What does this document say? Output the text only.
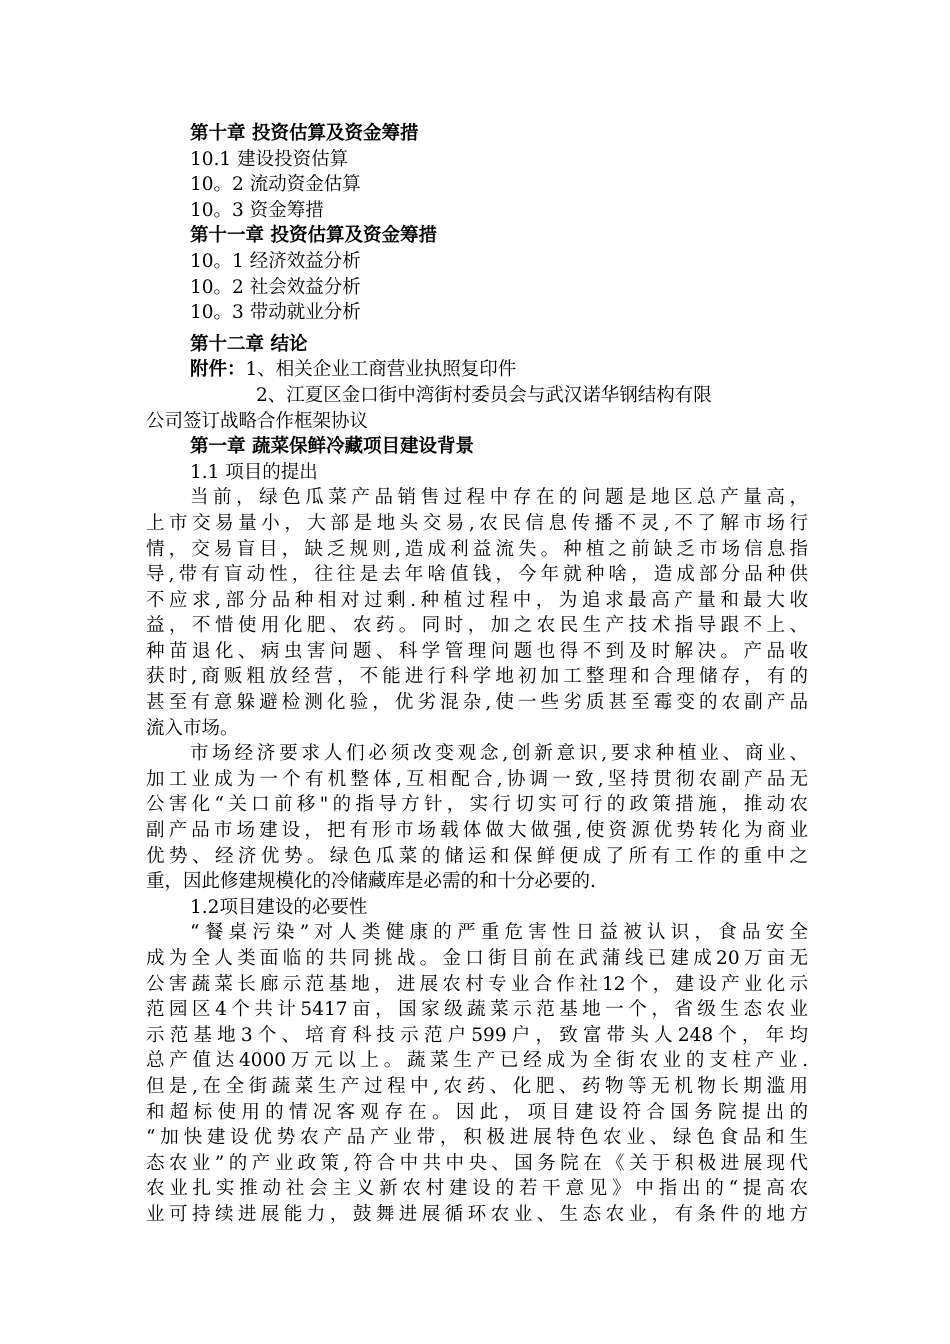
第十章 投资估算及资金筹措
10.1 建设投资估算
10。2 流动资金估算
10。3 资金筹措
第十一章 投资估算及资金筹措
10。1 经济效益分析
10。2 社会效益分析
10。3 带动就业分析
第十二章 结论
附件：1、相关企业工商营业执照复印件
2、江夏区金口街中湾街村委员会与武汉诺华钢结构有限
公司签订战略合作框架协议
第一章 蔬菜保鲜冷藏项目建设背景
1.1 项目的提出
当前，绿色瓜菜产品销售过程中存在的问题是地区总产量高，
上市交易量小，大部是地头交易,农民信息传播不灵,不了解市场行
情，交易盲目，缺乏规则,造成利益流失。种植之前缺乏市场信息指
导,带有盲动性，往往是去年啥值钱，今年就种啥，造成部分品种供
不应求,部分品种相对过剩.种植过程中，为追求最高产量和最大收
益，不惜使用化肥、农药。同时，加之农民生产技术指导跟不上、
种苗退化、病虫害问题、科学管理问题也得不到及时解决。产品收
获时,商贩粗放经营，不能进行科学地初加工整理和合理储存，有的
甚至有意躲避检测化验，优劣混杂,使一些劣质甚至霉变的农副产品
流入市场。
市场经济要求人们必须改变观念,创新意识,要求种植业、商业、
加工业成为一个有机整体,互相配合,协调一致,坚持贯彻农副产品无
公害化“关口前移"的指导方针，实行切实可行的政策措施，推动农
副产品市场建设，把有形市场载体做大做强,使资源优势转化为商业
优势、经济优势。绿色瓜菜的储运和保鲜便成了所有工作的重中之
重，因此修建规模化的冷储藏库是必需的和十分必要的.
1.2项目建设的必要性
“餐桌污染”对人类健康的严重危害性日益被认识，食品安全
成为全人类面临的共同挑战。金口街目前在武蒲线已建成20万亩无
公害蔬菜长廊示范基地，进展农村专业合作社12个，建设产业化示
范园区4个共计5417亩，国家级蔬菜示范基地一个，省级生态农业
示范基地3个、培育科技示范户599户，致富带头人248个，年均
总产值达4000万元以上。蔬菜生产已经成为全街农业的支柱产业.
但是,在全街蔬菜生产过程中,农药、化肥、药物等无机物长期滥用
和超标使用的情况客观存在。因此，项目建设符合国务院提出的
“加快建设优势农产品产业带，积极进展特色农业、绿色食品和生
态农业”的产业政策,符合中共中央、国务院在《关于积极进展现代
农业扎实推动社会主义新农村建设的若干意见》中指出的“提高农
业可持续进展能力，鼓舞进展循环农业、生态农业，有条件的地方
